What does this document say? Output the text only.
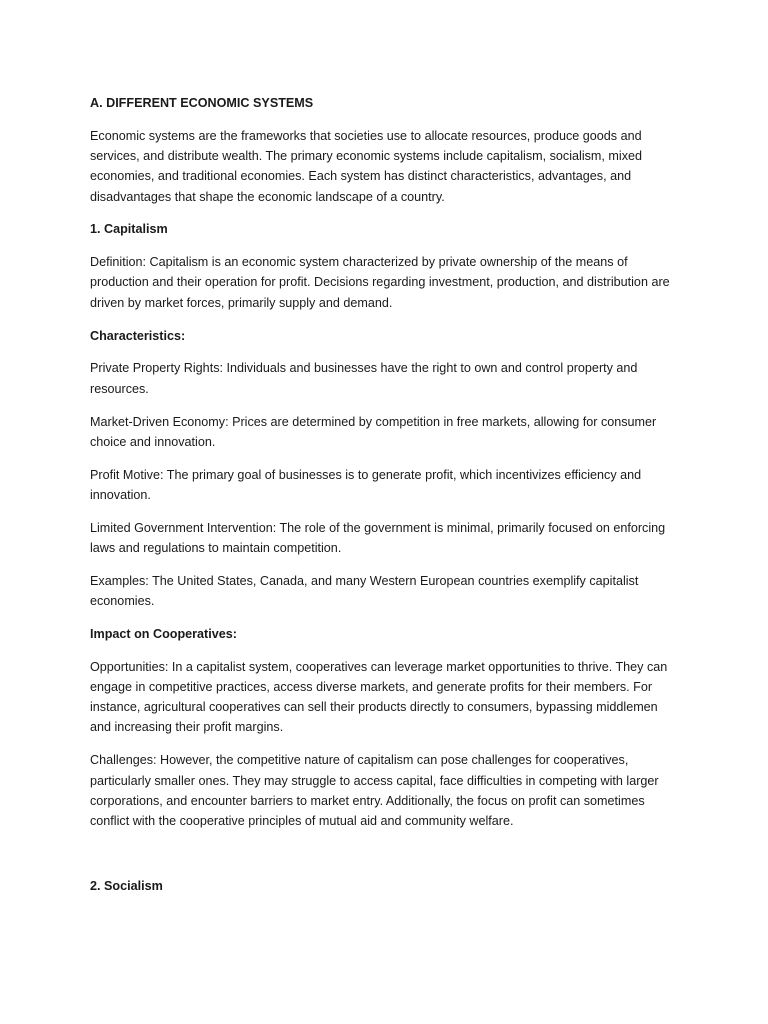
A. DIFFERENT ECONOMIC SYSTEMS

Economic systems are the frameworks that societies use to allocate resources, produce goods and services, and distribute wealth. The primary economic systems include capitalism, socialism, mixed economies, and traditional economies. Each system has distinct characteristics, advantages, and disadvantages that shape the economic landscape of a country.

1. Capitalism

Definition: Capitalism is an economic system characterized by private ownership of the means of production and their operation for profit. Decisions regarding investment, production, and distribution are driven by market forces, primarily supply and demand.

Characteristics:

Private Property Rights: Individuals and businesses have the right to own and control property and resources.

Market-Driven Economy: Prices are determined by competition in free markets, allowing for consumer choice and innovation.

Profit Motive: The primary goal of businesses is to generate profit, which incentivizes efficiency and innovation.

Limited Government Intervention: The role of the government is minimal, primarily focused on enforcing laws and regulations to maintain competition.

Examples: The United States, Canada, and many Western European countries exemplify capitalist economies.

Impact on Cooperatives:

Opportunities: In a capitalist system, cooperatives can leverage market opportunities to thrive. They can engage in competitive practices, access diverse markets, and generate profits for their members. For instance, agricultural cooperatives can sell their products directly to consumers, bypassing middlemen and increasing their profit margins.

Challenges: However, the competitive nature of capitalism can pose challenges for cooperatives, particularly smaller ones. They may struggle to access capital, face difficulties in competing with larger corporations, and encounter barriers to market entry. Additionally, the focus on profit can sometimes conflict with the cooperative principles of mutual aid and community welfare.

2. Socialism
